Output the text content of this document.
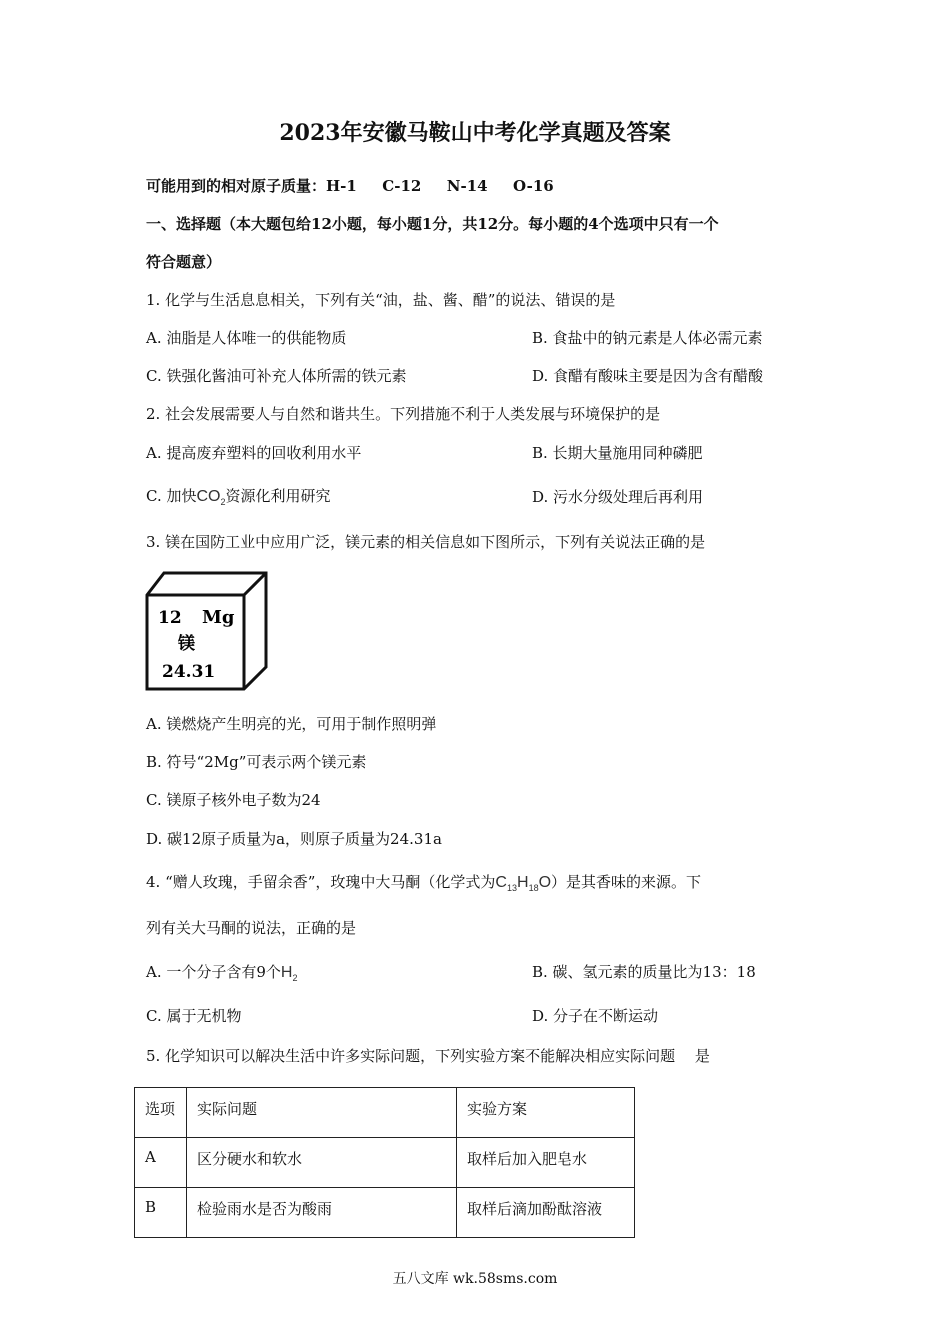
2023年安徽马鞍山中考化学真题及答案
可能用到的相对原子质量：H-1 　 C-12 　 N-14 　 O-16
一、选择题（本大题包给12小题，每小题1分，共12分。每小题的4个选项中只有一个
符合题意）
1. 化学与生活息息相关，下列有关“油，盐、酱、醋”的说法、错误的是
A. 油脂是人体唯一的供能物质	B. 食盐中的钠元素是人体必需元素
C. 铁强化酱油可补充人体所需的铁元素	D. 食醋有酸味主要是因为含有醋酸
2. 社会发展需要人与自然和谐共生。下列措施不利于人类发展与环境保护的是
A. 提高废弃塑料的回收利用水平	B. 长期大量施用同种磷肥
C. 加快$CO_2$资源化利用研究	D. 污水分级处理后再利用
3. 镁在国防工业中应用广泛，镁元素的相关信息如下图所示，下列有关说法正确的是
12 Mg
镁
24.31
A. 镁燃烧产生明亮的光，可用于制作照明弹
B. 符号“2Mg”可表示两个镁元素
C. 镁原子核外电子数为24
D. 碳12原子质量为a，则原子质量为24.31a
4. “赠人玫瑰，手留余香”，玫瑰中大马酮（化学式为$C_{13}H_{18}O$）是其香味的来源。下
列有关大马酮的说法，正确的是
A. 一个分子含有9个$H_2$	B. 碳、氢元素的质量比为13：18
C. 属于无机物	D. 分子在不断运动
5. 化学知识可以解决生活中许多实际问题，下列实验方案不能解决相应实际问题 　是
选项	实际问题	实验方案
A	区分硬水和软水	取样后加入肥皂水
B	检验雨水是否为酸雨	取样后滴加酚酞溶液
五八文库 wk.58sms.com
